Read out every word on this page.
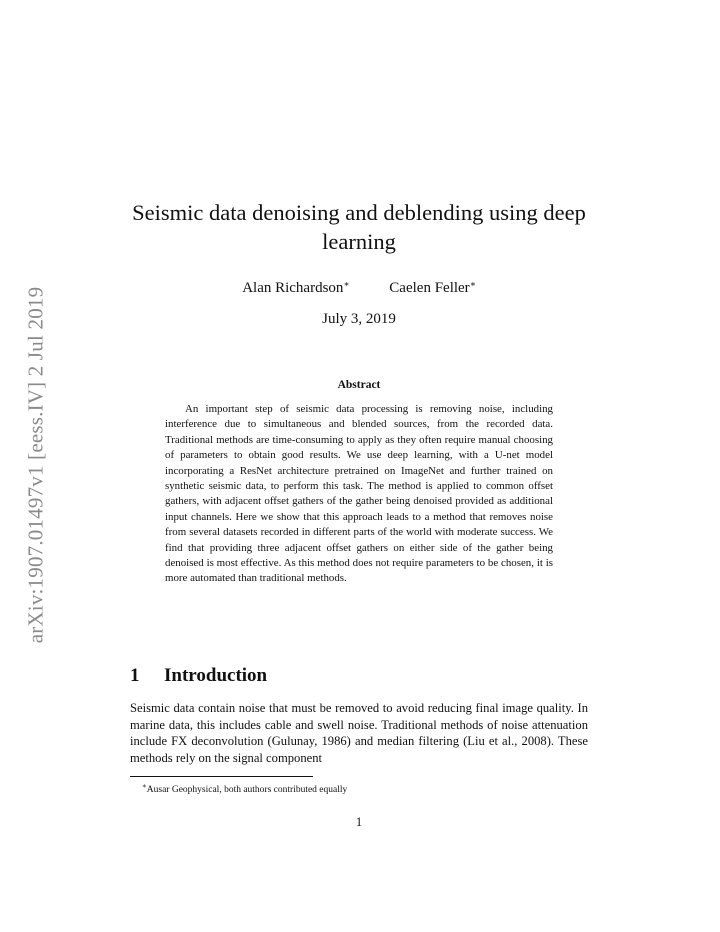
arXiv:1907.01497v1 [eess.IV] 2 Jul 2019
Seismic data denoising and deblending using deep learning
Alan Richardson∗	Caelen Feller∗
July 3, 2019
Abstract

An important step of seismic data processing is removing noise, including interference due to simultaneous and blended sources, from the recorded data. Traditional methods are time-consuming to apply as they often require manual choosing of parameters to obtain good results. We use deep learning, with a U-net model incorporating a ResNet architecture pretrained on ImageNet and further trained on synthetic seismic data, to perform this task. The method is applied to common offset gathers, with adjacent offset gathers of the gather being denoised provided as additional input channels. Here we show that this approach leads to a method that removes noise from several datasets recorded in different parts of the world with moderate success. We find that providing three adjacent offset gathers on either side of the gather being denoised is most effective. As this method does not require parameters to be chosen, it is more automated than traditional methods.

1 Introduction

Seismic data contain noise that must be removed to avoid reducing final image quality. In marine data, this includes cable and swell noise. Traditional methods of noise attenuation include FX deconvolution (Gulunay, 1986) and median filtering (Liu et al., 2008). These methods rely on the signal component

∗Ausar Geophysical, both authors contributed equally
1
